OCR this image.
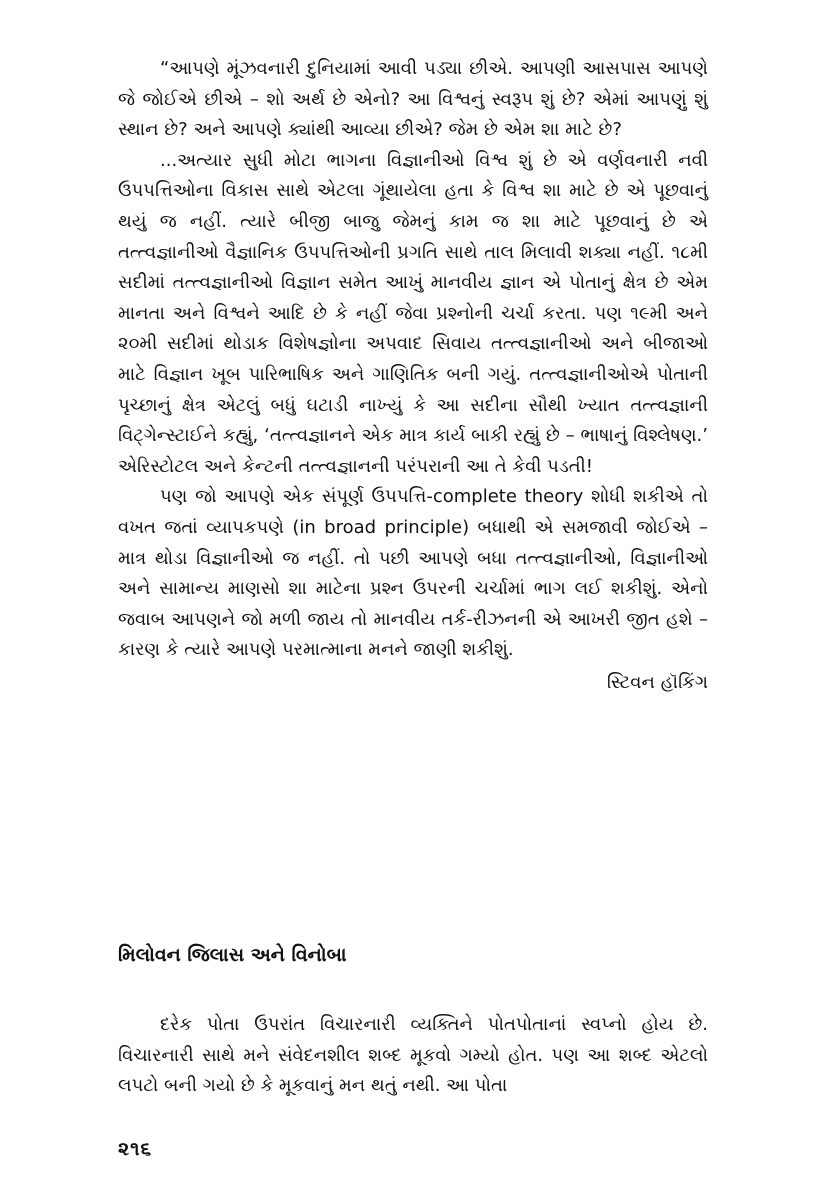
“આપણે મૂંઝવનારી દુનિયામાં આવી પડ્યા છીએ. આપણી આસપાસ આપણે જે જોઈએ છીએ – શો અર્થ છે એનો? આ વિશ્વનું સ્વરૂપ શું છે? એમાં આપણું શું સ્થાન છે? અને આપણે ક્યાંથી આવ્યા છીએ? જેમ છે એમ શા માટે છે?

...અત્યાર સુધી મોટા ભાગના વિજ્ઞાનીઓ વિશ્વ શું છે એ વર્ણવનારી નવી ઉપપત્તિઓના વિકાસ સાથે એટલા ગૂંથાયેલા હતા કે વિશ્વ શા માટે છે એ પૂછવાનું થયું જ નહીં. ત્યારે બીજી બાજુ જેમનું કામ જ શા માટે પૂછવાનું છે એ તત્ત્વજ્ઞાનીઓ વૈજ્ઞાનિક ઉપપત્તિઓની પ્રગતિ સાથે તાલ મિલાવી શક્યા નહીં. ૧૮મી સદીમાં તત્ત્વજ્ઞાનીઓ વિજ્ઞાન સમેત આખું માનવીય જ્ઞાન એ પોતાનું ક્ષેત્ર છે એમ માનતા અને વિશ્વને આદિ છે કે નહીં જેવા પ્રશ્નોની ચર્ચા કરતા. પણ ૧૯મી અને ૨૦મી સદીમાં થોડાક વિશેષજ્ઞોના અપવાદ સિવાય તત્ત્વજ્ઞાનીઓ અને બીજાઓ માટે વિજ્ઞાન ખૂબ પારિભાષિક અને ગાણિતિક બની ગયું. તત્ત્વજ્ઞાનીઓએ પોતાની પૃચ્છાનું ક્ષેત્ર એટલું બધું ઘટાડી નાખ્યું કે આ સદીના સૌથી ખ્યાત તત્ત્વજ્ઞાની વિટ્ગેન્સ્ટાઈને કહ્યું, ‘તત્ત્વજ્ઞાનને એક માત્ર કાર્ય બાકી રહ્યું છે – ભાષાનું વિશ્લેષણ.’ એરિસ્ટોટલ અને કેન્ટની તત્ત્વજ્ઞાનની પરંપરાની આ તે કેવી પડતી!

પણ જો આપણે એક સંપૂર્ણ ઉપપત્તિ-complete theory શોધી શકીએ તો વખત જતાં વ્યાપકપણે (in broad principle) બધાથી એ સમજાવી જોઈએ – માત્ર થોડા વિજ્ઞાનીઓ જ નહીં. તો પછી આપણે બધા તત્ત્વજ્ઞાનીઓ, વિજ્ઞાનીઓ અને સામાન્ય માણસો શા માટેના પ્રશ્ન ઉપરની ચર્ચામાં ભાગ લઈ શકીશું. એનો જવાબ આપણને જો મળી જાય તો માનવીય તર્ક-રીઝનની એ આખરી જીત હશે – કારણ કે ત્યારે આપણે પરમાત્માના મનને જાણી શકીશું.

સ્ટિવન હૉકિંગ

મિલોવન જિલાસ અને વિનોબા

દરેક પોતા ઉપરાંત વિચારનારી વ્યક્તિને પોતપોતાનાં સ્વપ્નો હોય છે. વિચારનારી સાથે મને સંવેદનશીલ શબ્દ મૂકવો ગમ્યો હોત. પણ આ શબ્દ એટલો લપટો બની ગયો છે કે મૂકવાનું મન થતું નથી. આ પોતા

૨૧૬
